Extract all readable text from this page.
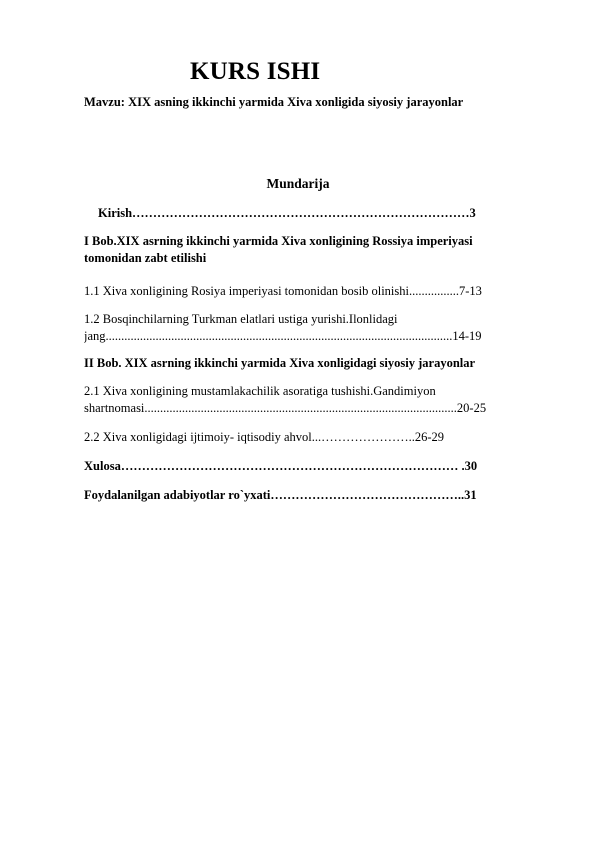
KURS ISHI
Mavzu: XIX asning ikkinchi yarmida Xiva xonligida siyosiy jarayonlar
Mundarija
Kirish………………………………………………………………………3
I Bob.XIX asrning ikkinchi yarmida Xiva xonligining Rossiya imperiyasi
tomonidan zabt etilishi
1.1 Xiva xonligining Rosiya imperiyasi tomonidan bosib olinishi................7-13
1.2 Bosqinchilarning Turkman elatlari ustiga yurishi.Ilonlidagi
jang...............................................................................................................14-19
II Bob. XIX asrning ikkinchi yarmida Xiva xonligidagi siyosiy jarayonlar
2.1 Xiva xonligining mustamlakachilik asoratiga tushishi.Gandimiyon
shartnomasi....................................................................................................20-25
2.2 Xiva xonligidagi ijtimoiy- iqtisodiy ahvol...…………………..26-29
Xulosa……………………………………………………………………… .30
Foydalanilgan adabiyotlar ro`yxati………………………………………..31
